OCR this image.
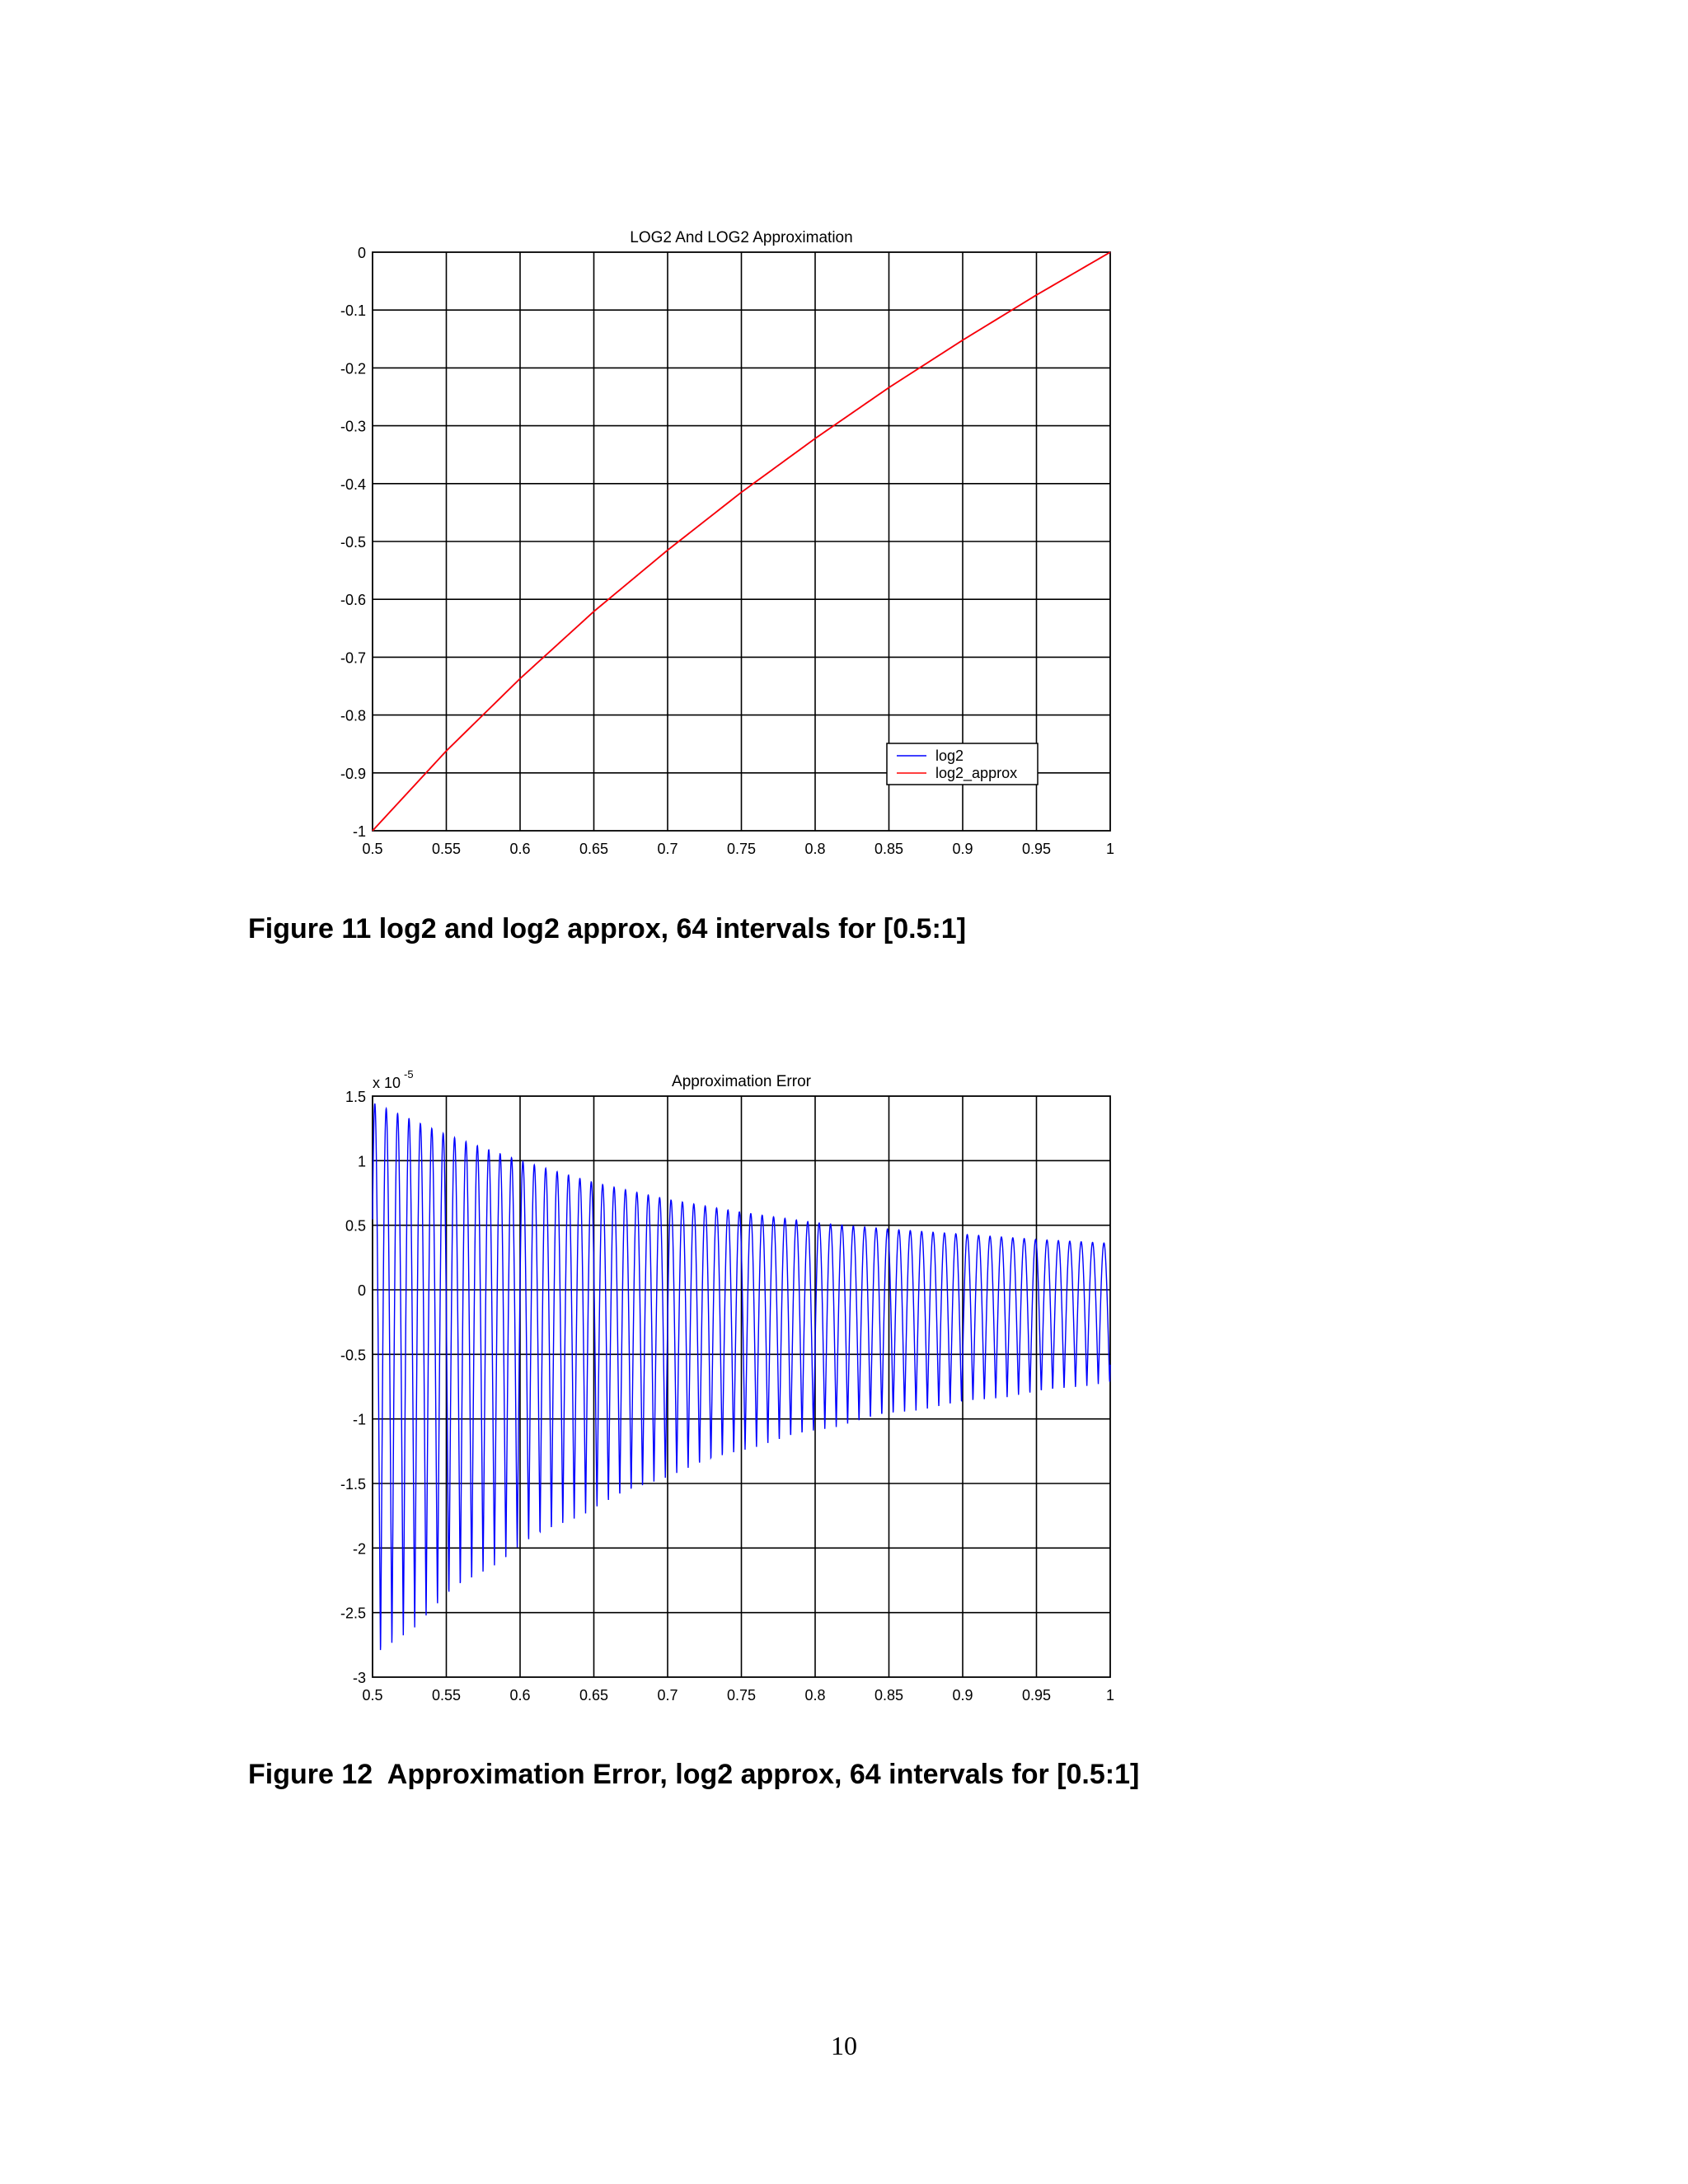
0.5	0.55	0.6	0.65	0.7	0.75	0.8	0.85	0.9	0.95	1
0
-0.1
-0.2
-0.3
-0.4
-0.5
-0.6
-0.7
-0.8
-0.9
-1
LOG2 And LOG2 Approximation
log2
log2_approx
Figure 11 log2 and log2 approx, 64 intervals for [0.5:1]
0.5	0.55	0.6	0.65	0.7	0.75	0.8	0.85	0.9	0.95	1
1.5
1
0.5
0
-0.5
-1
-1.5
-2
-2.5
-3
Approximation Error
x 10
-5
Figure 12  Approximation Error, log2 approx, 64 intervals for [0.5:1]
10
